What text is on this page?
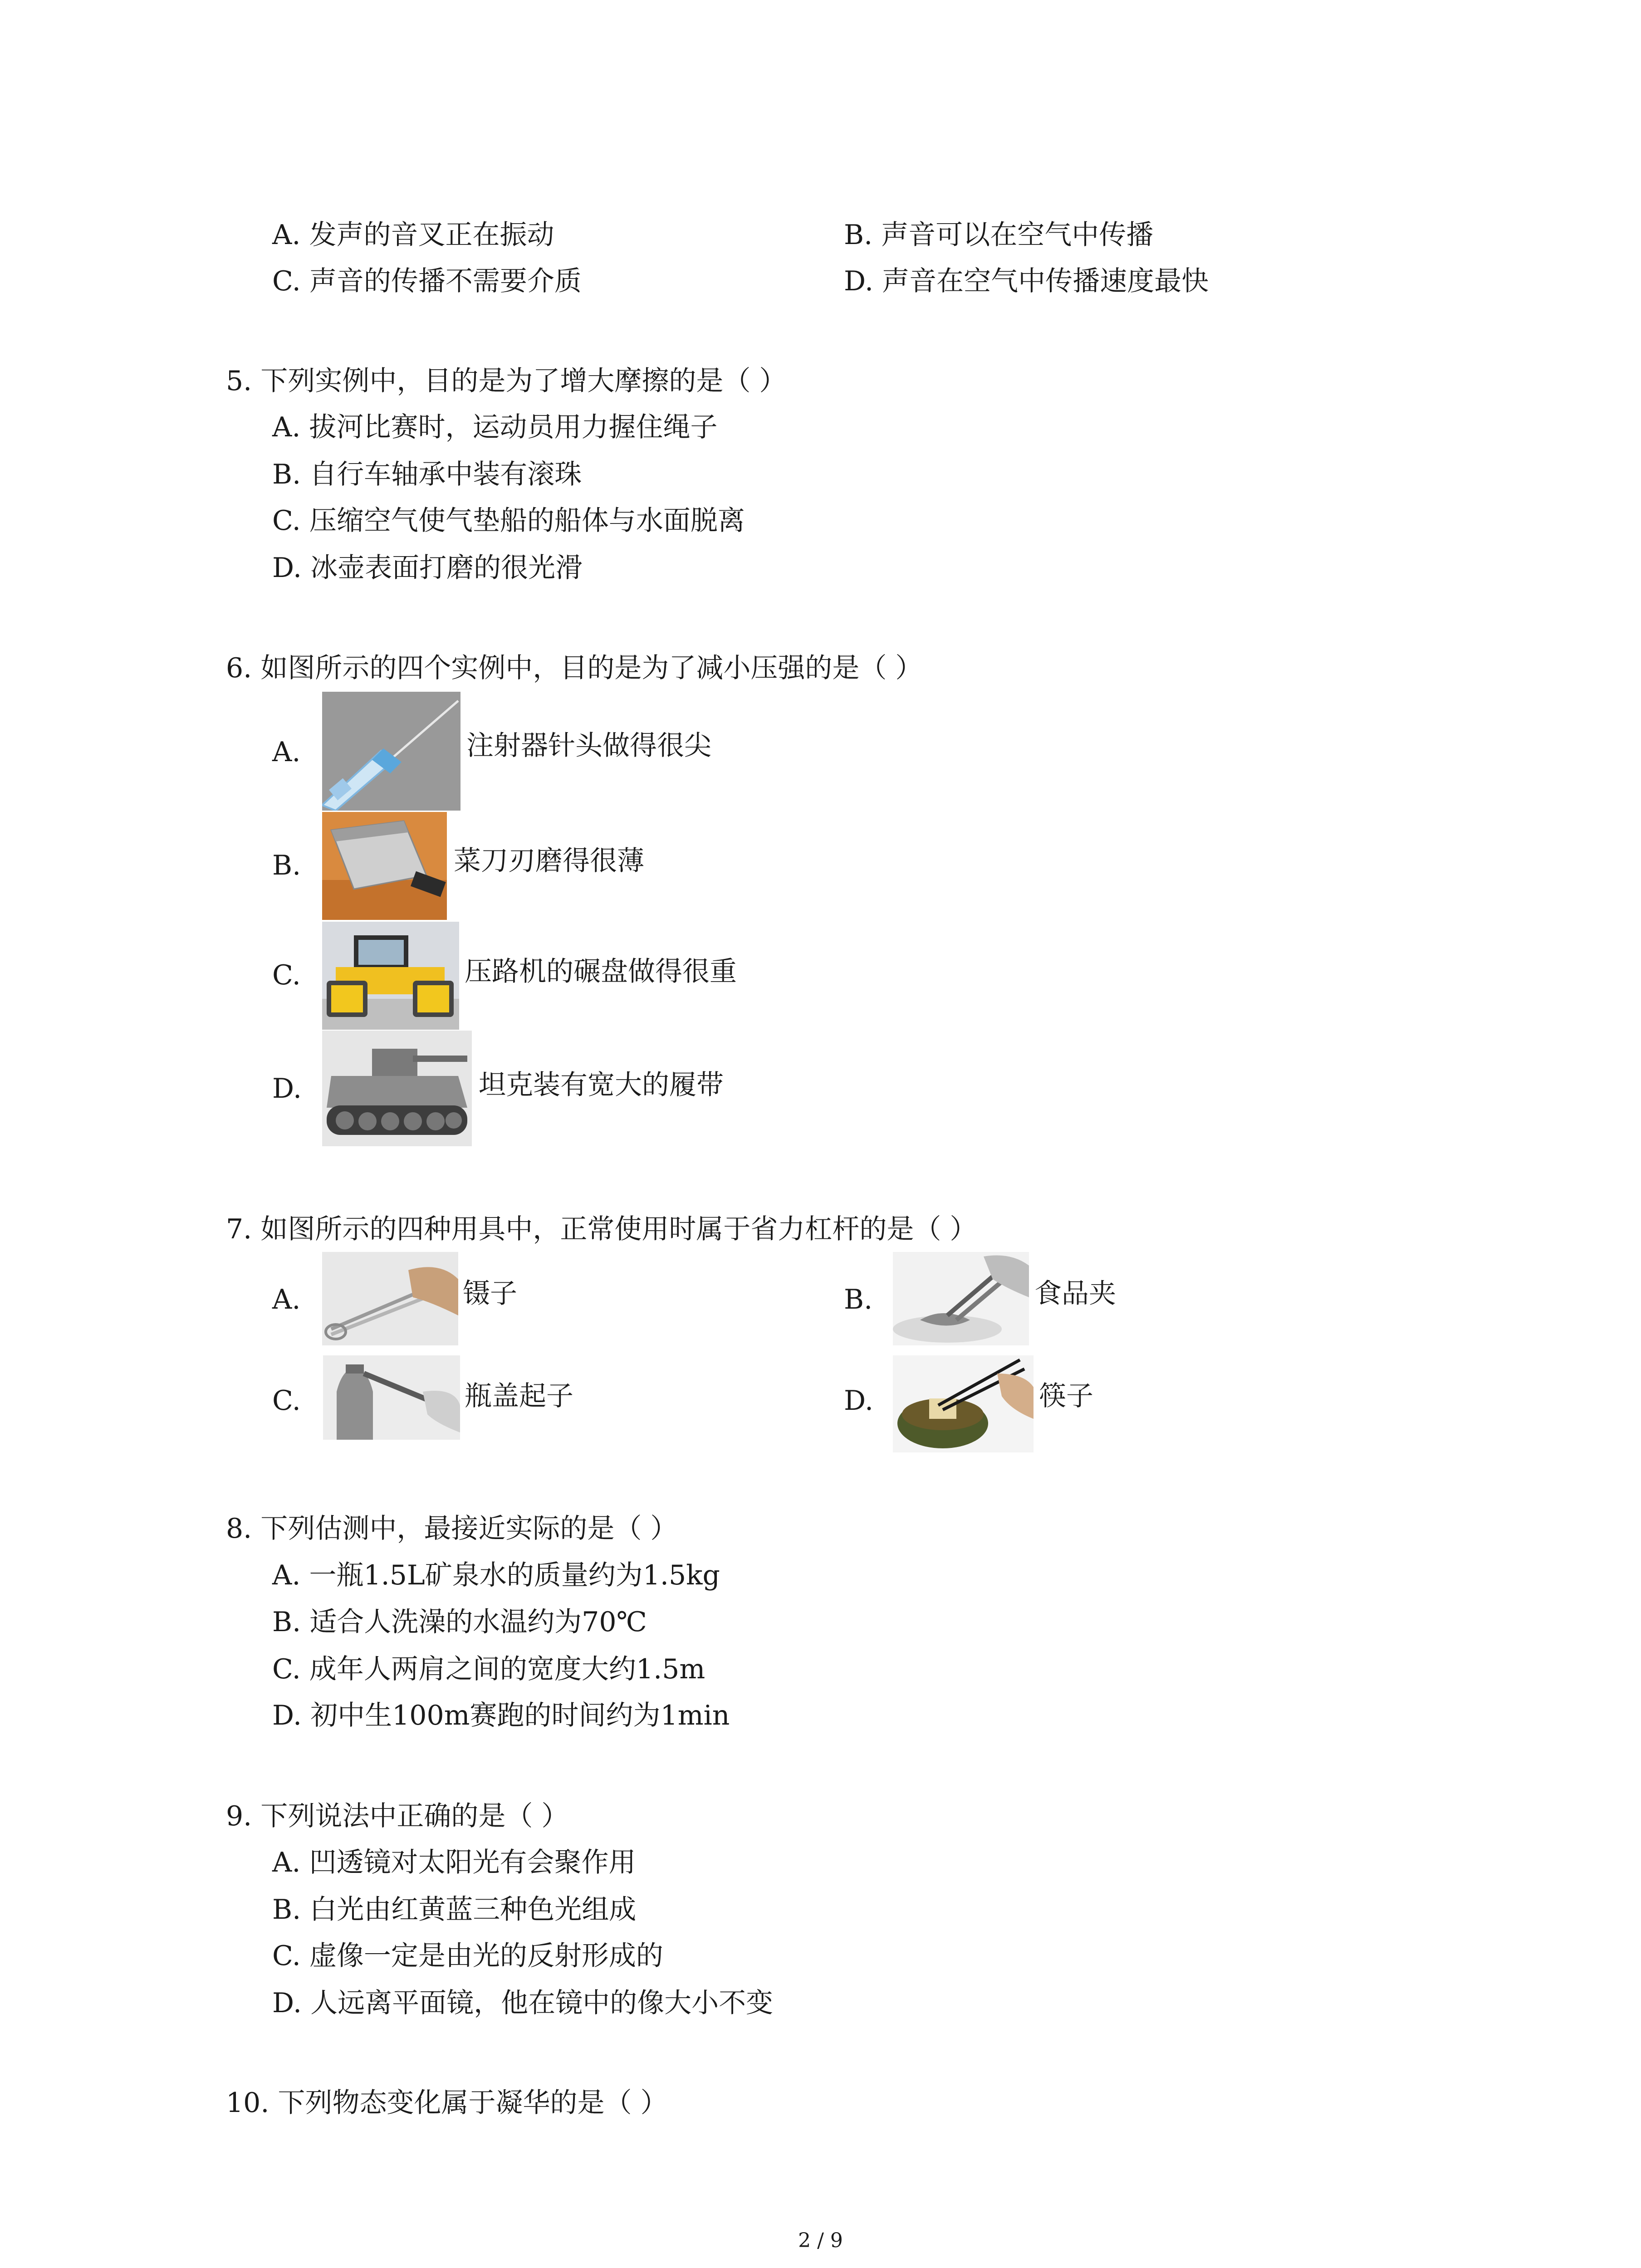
A. 发声的音叉正在振动	B. 声音可以在空气中传播
C. 声音的传播不需要介质	D. 声音在空气中传播速度最快
5. 下列实例中，目的是为了增大摩擦的是（ ）
A. 拔河比赛时，运动员用力握住绳子
B. 自行车轴承中装有滚珠
C. 压缩空气使气垫船的船体与水面脱离
D. 冰壶表面打磨的很光滑
6. 如图所示的四个实例中，目的是为了减小压强的是（ ）
A.	注射器针头做得很尖
B.	菜刀刃磨得很薄
C.	压路机的碾盘做得很重
D.	坦克装有宽大的履带
7. 如图所示的四种用具中，正常使用时属于省力杠杆的是（ ）
A.	镊子	B.	食品夹
C.	瓶盖起子	D.	筷子
8. 下列估测中，最接近实际的是（ ）
A. 一瓶1.5L矿泉水的质量约为1.5kg
B. 适合人洗澡的水温约为70℃
C. 成年人两肩之间的宽度大约1.5m
D. 初中生100m赛跑的时间约为1min
9. 下列说法中正确的是（ ）
A. 凹透镜对太阳光有会聚作用
B. 白光由红黄蓝三种色光组成
C. 虚像一定是由光的反射形成的
D. 人远离平面镜，他在镜中的像大小不变
10. 下列物态变化属于凝华的是（ ）
2 / 9
